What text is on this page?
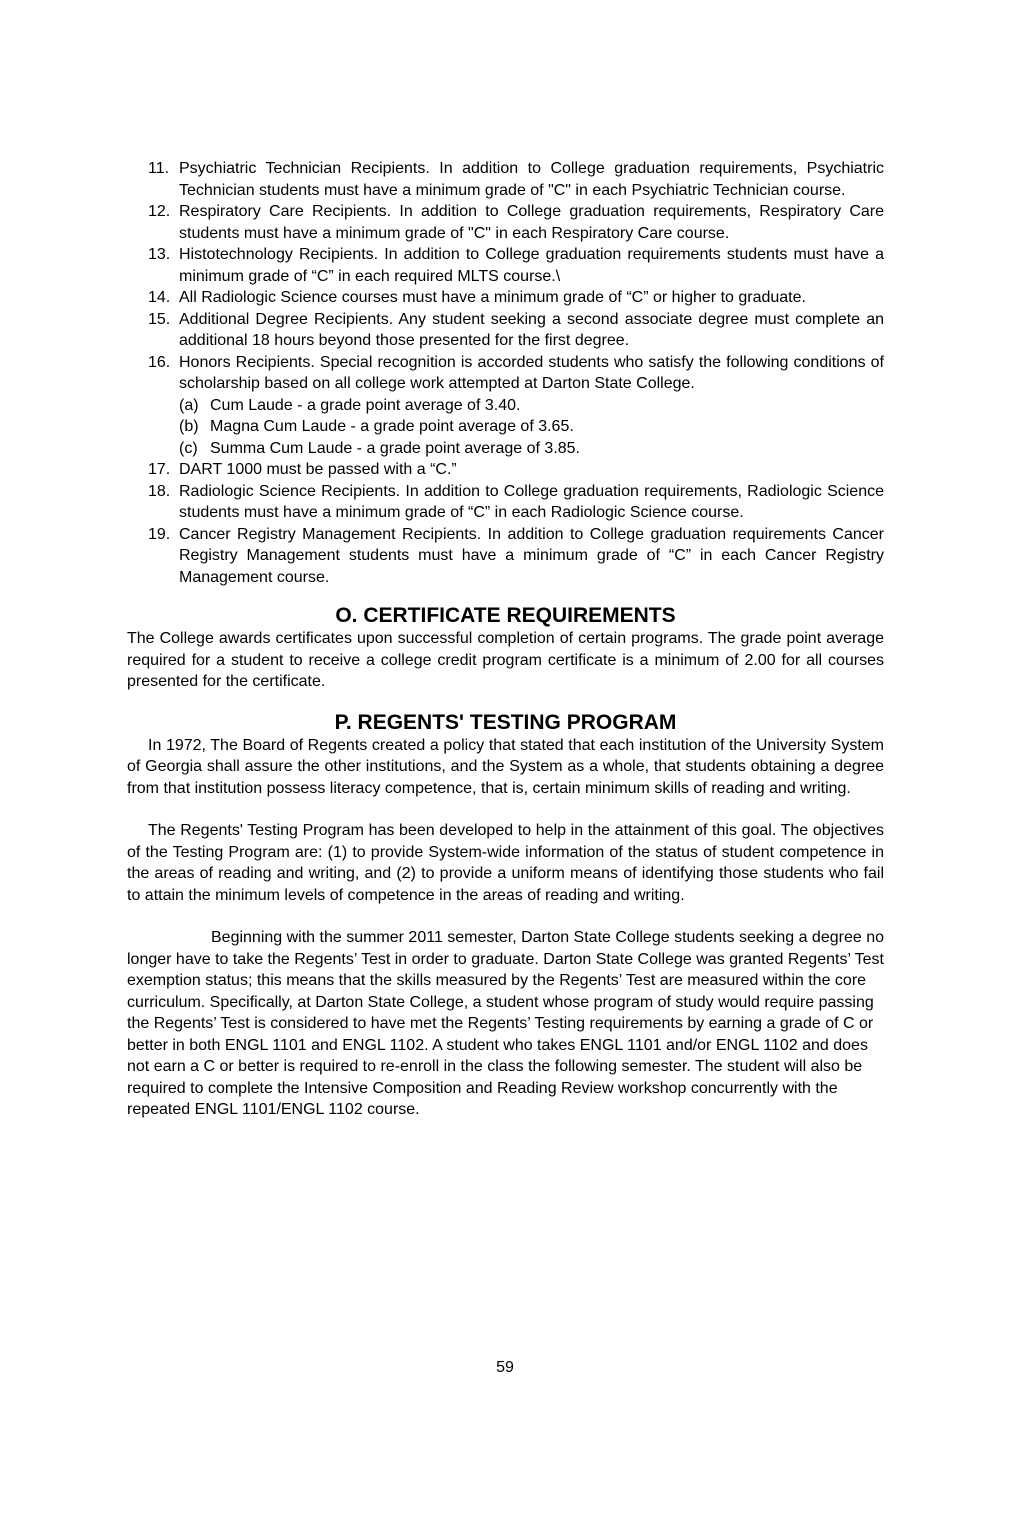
11. Psychiatric Technician Recipients. In addition to College graduation requirements, Psychiatric Technician students must have a minimum grade of "C" in each Psychiatric Technician course.
12. Respiratory Care Recipients. In addition to College graduation requirements, Respiratory Care students must have a minimum grade of "C" in each Respiratory Care course.
13. Histotechnology Recipients. In addition to College graduation requirements students must have a minimum grade of “C” in each required MLTS course.\
14. All Radiologic Science courses must have a minimum grade of “C” or higher to graduate.
15. Additional Degree Recipients. Any student seeking a second associate degree must complete an additional 18 hours beyond those presented for the first degree.
16. Honors Recipients. Special recognition is accorded students who satisfy the following conditions of scholarship based on all college work attempted at Darton State College.
(a) Cum Laude - a grade point average of 3.40.
(b) Magna Cum Laude - a grade point average of 3.65.
(c) Summa Cum Laude - a grade point average of 3.85.
17. DART 1000 must be passed with a “C.”
18. Radiologic Science Recipients. In addition to College graduation requirements, Radiologic Science students must have a minimum grade of “C” in each Radiologic Science course.
19. Cancer Registry Management Recipients. In addition to College graduation requirements Cancer Registry Management students must have a minimum grade of “C” in each Cancer Registry Management course.
O. CERTIFICATE REQUIREMENTS

The College awards certificates upon successful completion of certain programs. The grade point average required for a student to receive a college credit program certificate is a minimum of 2.00 for all courses presented for the certificate.

P. REGENTS' TESTING PROGRAM

In 1972, The Board of Regents created a policy that stated that each institution of the University System of Georgia shall assure the other institutions, and the System as a whole, that students obtaining a degree from that institution possess literacy competence, that is, certain minimum skills of reading and writing.

The Regents' Testing Program has been developed to help in the attainment of this goal. The objectives of the Testing Program are: (1) to provide System-wide information of the status of student competence in the areas of reading and writing, and (2) to provide a uniform means of identifying those students who fail to attain the minimum levels of competence in the areas of reading and writing.

Beginning with the summer 2011 semester, Darton State College students seeking a degree no longer have to take the Regents’ Test in order to graduate. Darton State College was granted Regents’ Test exemption status; this means that the skills measured by the Regents’ Test are measured within the core curriculum. Specifically, at Darton State College, a student whose program of study would require passing the Regents’ Test is considered to have met the Regents’ Testing requirements by earning a grade of C or better in both ENGL 1101 and ENGL 1102. A student who takes ENGL 1101 and/or ENGL 1102 and does not earn a C or better is required to re-enroll in the class the following semester. The student will also be required to complete the Intensive Composition and Reading Review workshop concurrently with the repeated ENGL 1101/ENGL 1102 course.

59
